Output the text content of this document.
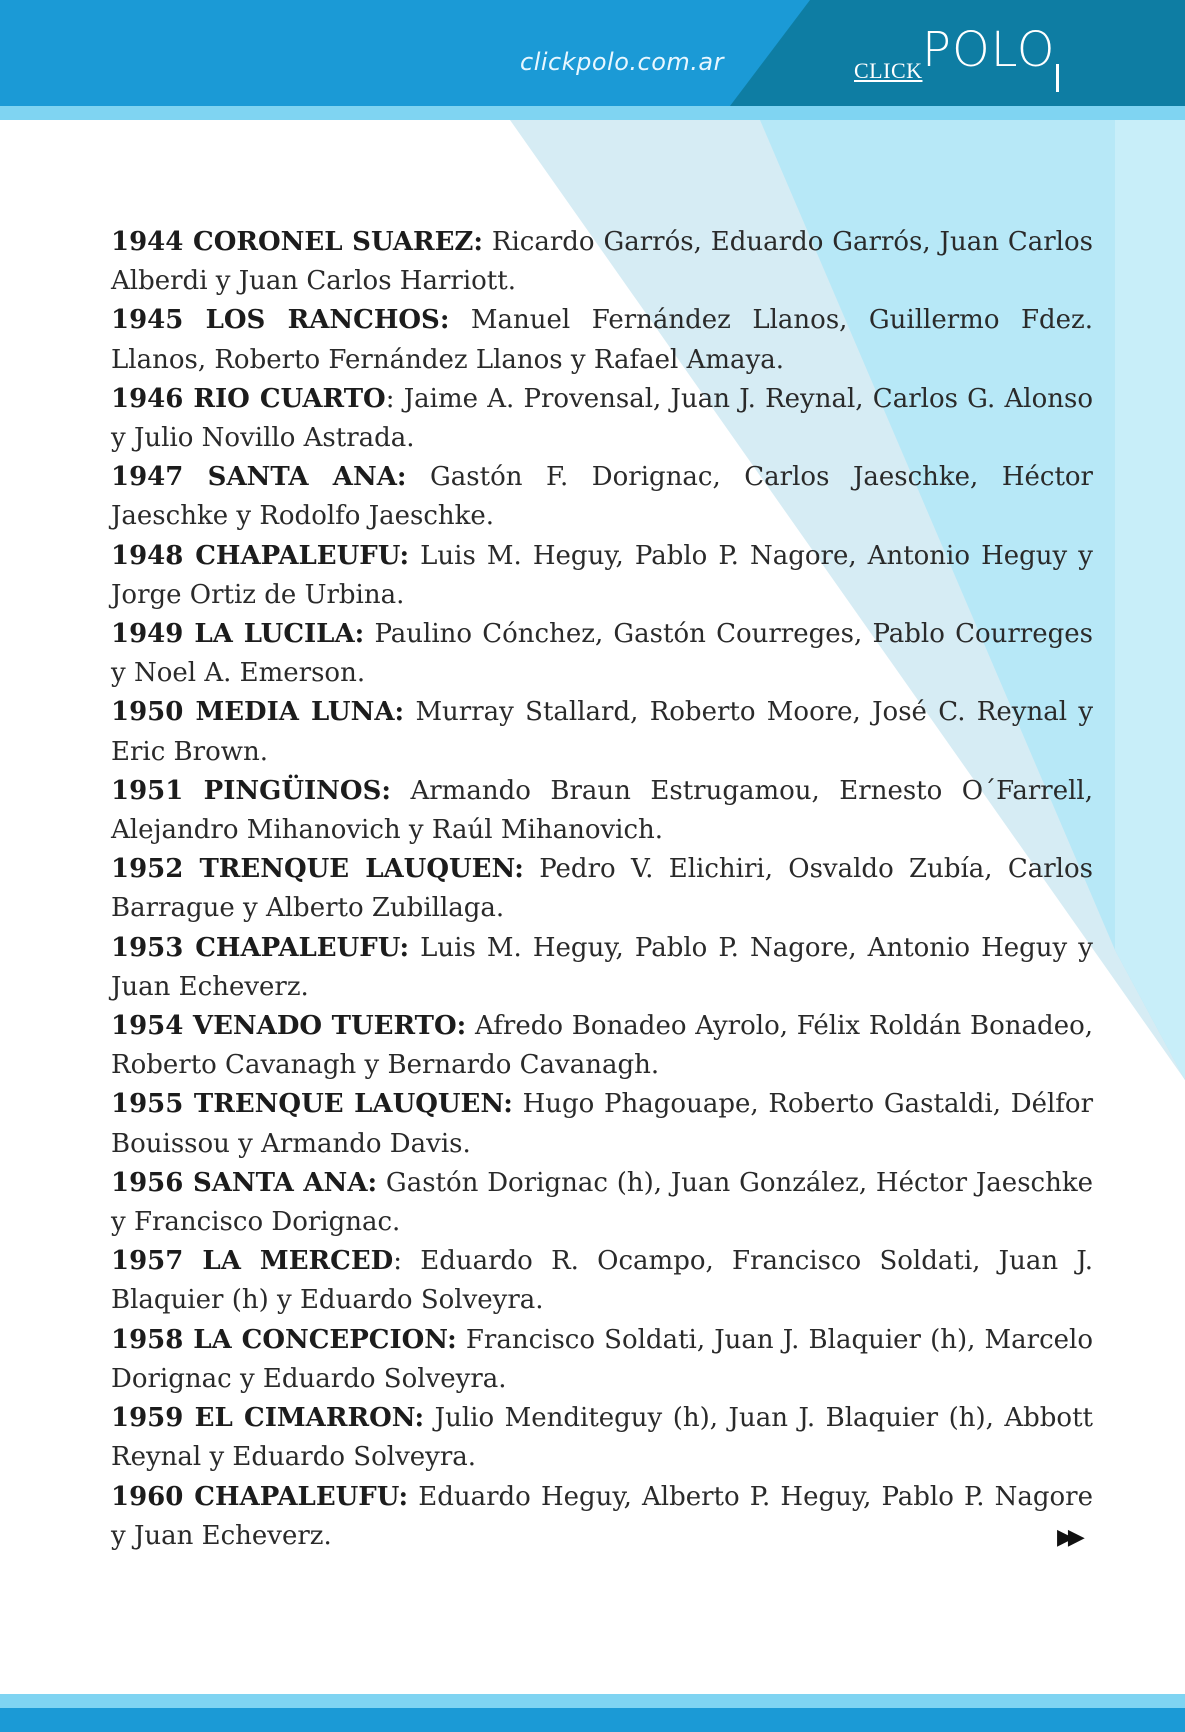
clickpolo.com.ar	CLICK POLO

1944 CORONEL SUAREZ: Ricardo Garrós, Eduardo Garrós, Juan Carlos Alberdi y Juan Carlos Harriott.

1945 LOS RANCHOS: Manuel Fernández Llanos, Guillermo Fdez. Llanos, Roberto Fernández Llanos y Rafael Amaya.

1946 RIO CUARTO: Jaime A. Provensal, Juan J. Reynal, Carlos G. Alonso y Julio Novillo Astrada.

1947 SANTA ANA: Gastón F. Dorignac, Carlos Jaeschke, Héctor Jaeschke y Rodolfo Jaeschke.

1948 CHAPALEUFU: Luis M. Heguy, Pablo P. Nagore, Antonio Heguy y Jorge Ortiz de Urbina.

1949 LA LUCILA: Paulino Cónchez, Gastón Courreges, Pablo Courreges y Noel A. Emerson.

1950 MEDIA LUNA: Murray Stallard, Roberto Moore, José C. Reynal y Eric Brown.

1951 PINGÜINOS: Armando Braun Estrugamou, Ernesto O´Farrell, Alejandro Mihanovich y Raúl Mihanovich.

1952 TRENQUE LAUQUEN: Pedro V. Elichiri, Osvaldo Zubía, Carlos Barrague y Alberto Zubillaga.

1953 CHAPALEUFU: Luis M. Heguy, Pablo P. Nagore, Antonio Heguy y Juan Echeverz.

1954 VENADO TUERTO: Afredo Bonadeo Ayrolo, Félix Roldán Bonadeo, Roberto Cavanagh y Bernardo Cavanagh.

1955 TRENQUE LAUQUEN: Hugo Phagouape, Roberto Gastaldi, Délfor Bouissou y Armando Davis.

1956 SANTA ANA: Gastón Dorignac (h), Juan González, Héctor Jaeschke y Francisco Dorignac.

1957 LA MERCED: Eduardo R. Ocampo, Francisco Soldati, Juan J. Blaquier (h) y Eduardo Solveyra.

1958 LA CONCEPCION: Francisco Soldati, Juan J. Blaquier (h), Marcelo Dorignac y Eduardo Solveyra.

1959 EL CIMARRON: Julio Menditeguy (h), Juan J. Blaquier (h), Abbott Reynal y Eduardo Solveyra.

1960 CHAPALEUFU: Eduardo Heguy, Alberto P. Heguy, Pablo P. Nagore y Juan Echeverz.	▶▶
